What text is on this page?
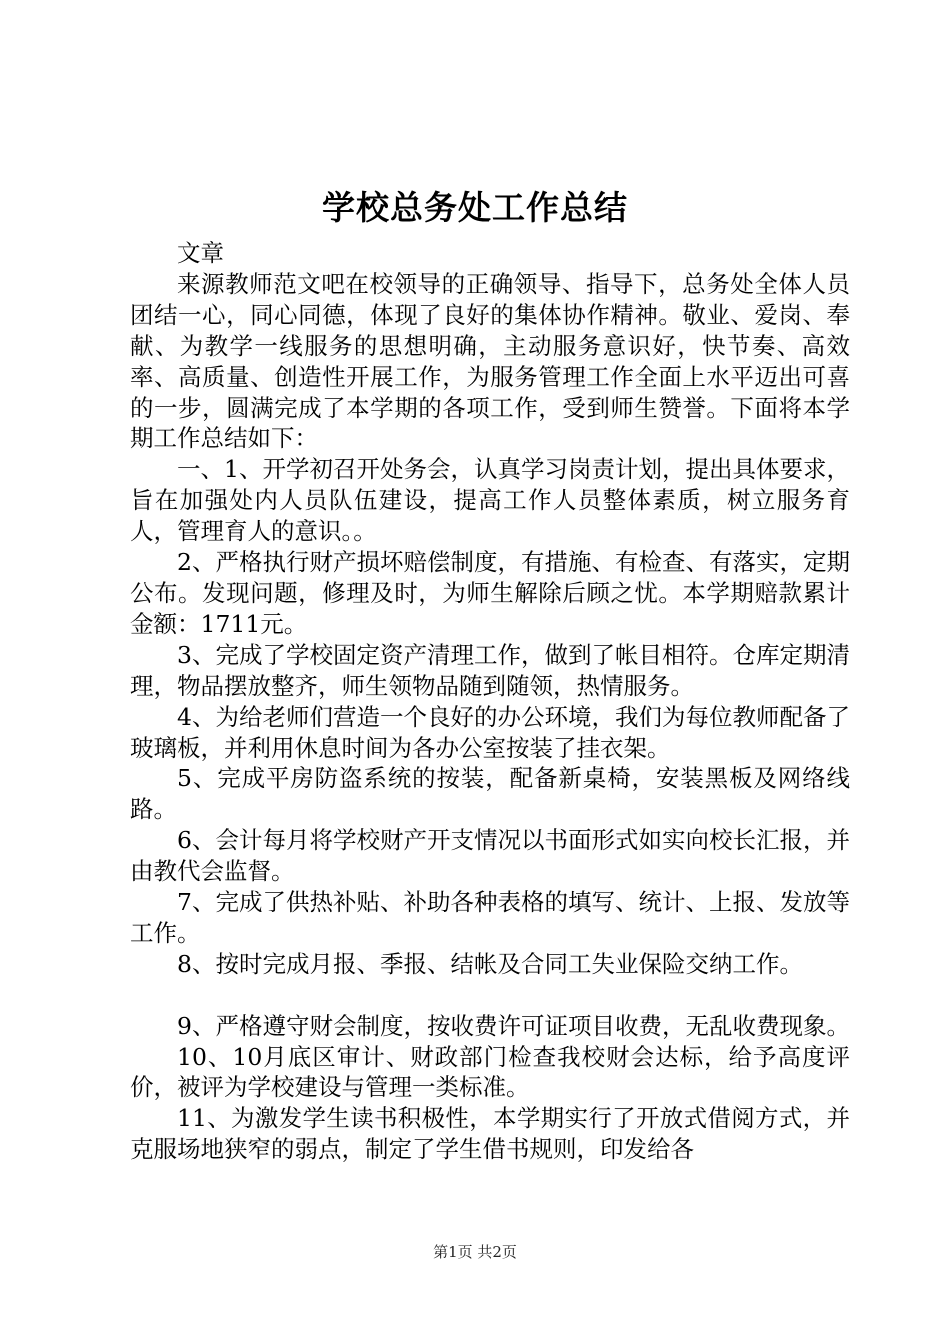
学校总务处工作总结

文章

来源教师范文吧在校领导的正确领导、指导下，总务处全体人员团结一心，同心同德，体现了良好的集体协作精神。敬业、爱岗、奉献、为教学一线服务的思想明确，主动服务意识好，快节奏、高效率、高质量、创造性开展工作，为服务管理工作全面上水平迈出可喜的一步，圆满完成了本学期的各项工作，受到师生赞誉。下面将本学期工作总结如下：

一、1、开学初召开处务会，认真学习岗责计划，提出具体要求，旨在加强处内人员队伍建设，提高工作人员整体素质，树立服务育人，管理育人的意识。。

2、严格执行财产损坏赔偿制度，有措施、有检查、有落实，定期公布。发现问题，修理及时，为师生解除后顾之忧。本学期赔款累计金额：1711元。

3、完成了学校固定资产清理工作，做到了帐目相符。仓库定期清理，物品摆放整齐，师生领物品随到随领，热情服务。

4、为给老师们营造一个良好的办公环境，我们为每位教师配备了玻璃板，并利用休息时间为各办公室按装了挂衣架。

5、完成平房防盗系统的按装，配备新桌椅，安装黑板及网络线路。

6、会计每月将学校财产开支情况以书面形式如实向校长汇报，并由教代会监督。

7、完成了供热补贴、补助各种表格的填写、统计、上报、发放等工作。

8、按时完成月报、季报、结帐及合同工失业保险交纳工作。

9、严格遵守财会制度，按收费许可证项目收费，无乱收费现象。

10、10月底区审计、财政部门检查我校财会达标，给予高度评价，被评为学校建设与管理一类标准。

11、为激发学生读书积极性，本学期实行了开放式借阅方式，并克服场地狭窄的弱点，制定了学生借书规则，印发给各

第1页 共2页
